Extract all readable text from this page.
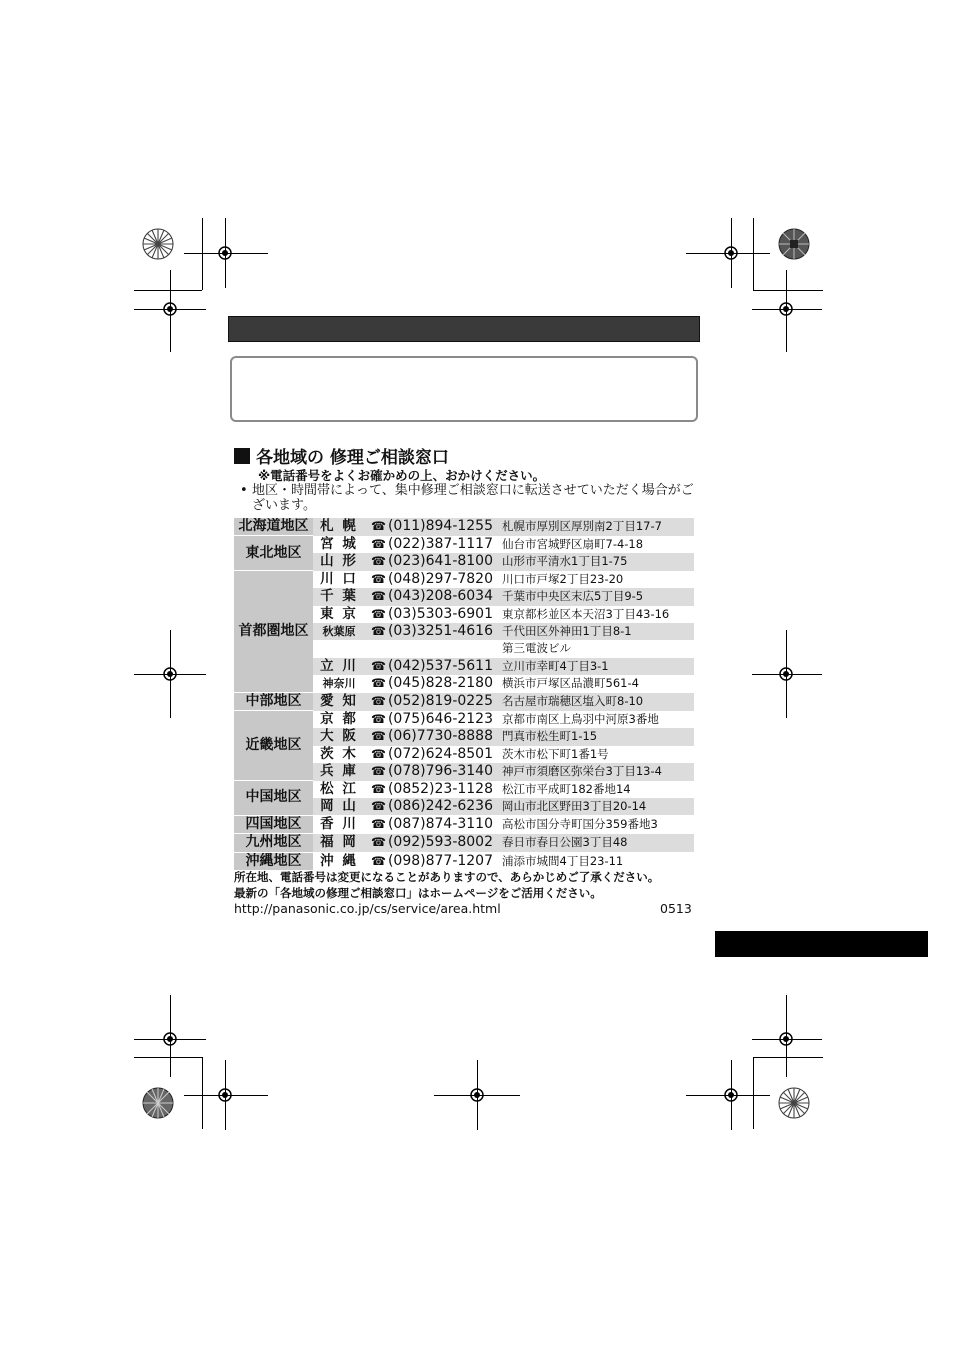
各地域の 修理ご相談窓口
※電話番号をよくお確かめの上、おかけください。
• 地区・時間帯によって、集中修理ご相談窓口に転送させていただく場合がございます。
北海道地区	札 幌	☎ (011)894-1255	札幌市厚別区厚別南2丁目17-7
東北地区	宮 城	☎ (022)387-1117	仙台市宮城野区扇町7-4-18
	山 形	☎ (023)641-8100	山形市平清水1丁目1-75
首都圏地区	川 口	☎ (048)297-7820	川口市戸塚2丁目23-20
	千 葉	☎ (043)208-6034	千葉市中央区末広5丁目9-5
	東 京	☎ (03)5303-6901	東京都杉並区本天沼3丁目43-16
	秋葉原	☎ (03)3251-4616	千代田区外神田1丁目8-1
			第三電波ビル
	立 川	☎ (042)537-5611	立川市幸町4丁目3-1
	神奈川	☎ (045)828-2180	横浜市戸塚区品濃町561-4
中部地区	愛 知	☎ (052)819-0225	名古屋市瑞穂区塩入町8-10
近畿地区	京 都	☎ (075)646-2123	京都市南区上鳥羽中河原3番地
	大 阪	☎ (06)7730-8888	門真市松生町1-15
	茨 木	☎ (072)624-8501	茨木市松下町1番1号
	兵 庫	☎ (078)796-3140	神戸市須磨区弥栄台3丁目13-4
中国地区	松 江	☎ (0852)23-1128	松江市平成町182番地14
	岡 山	☎ (086)242-6236	岡山市北区野田3丁目20-14
四国地区	香 川	☎ (087)874-3110	高松市国分寺町国分359番地3
九州地区	福 岡	☎ (092)593-8002	春日市春日公園3丁目48
沖縄地区	沖 縄	☎ (098)877-1207	浦添市城間4丁目23-11
所在地、電話番号は変更になることがありますので、あらかじめご了承ください。
最新の「各地域の修理ご相談窓口」はホームページをご活用ください。
http://panasonic.co.jp/cs/service/area.html	0513
